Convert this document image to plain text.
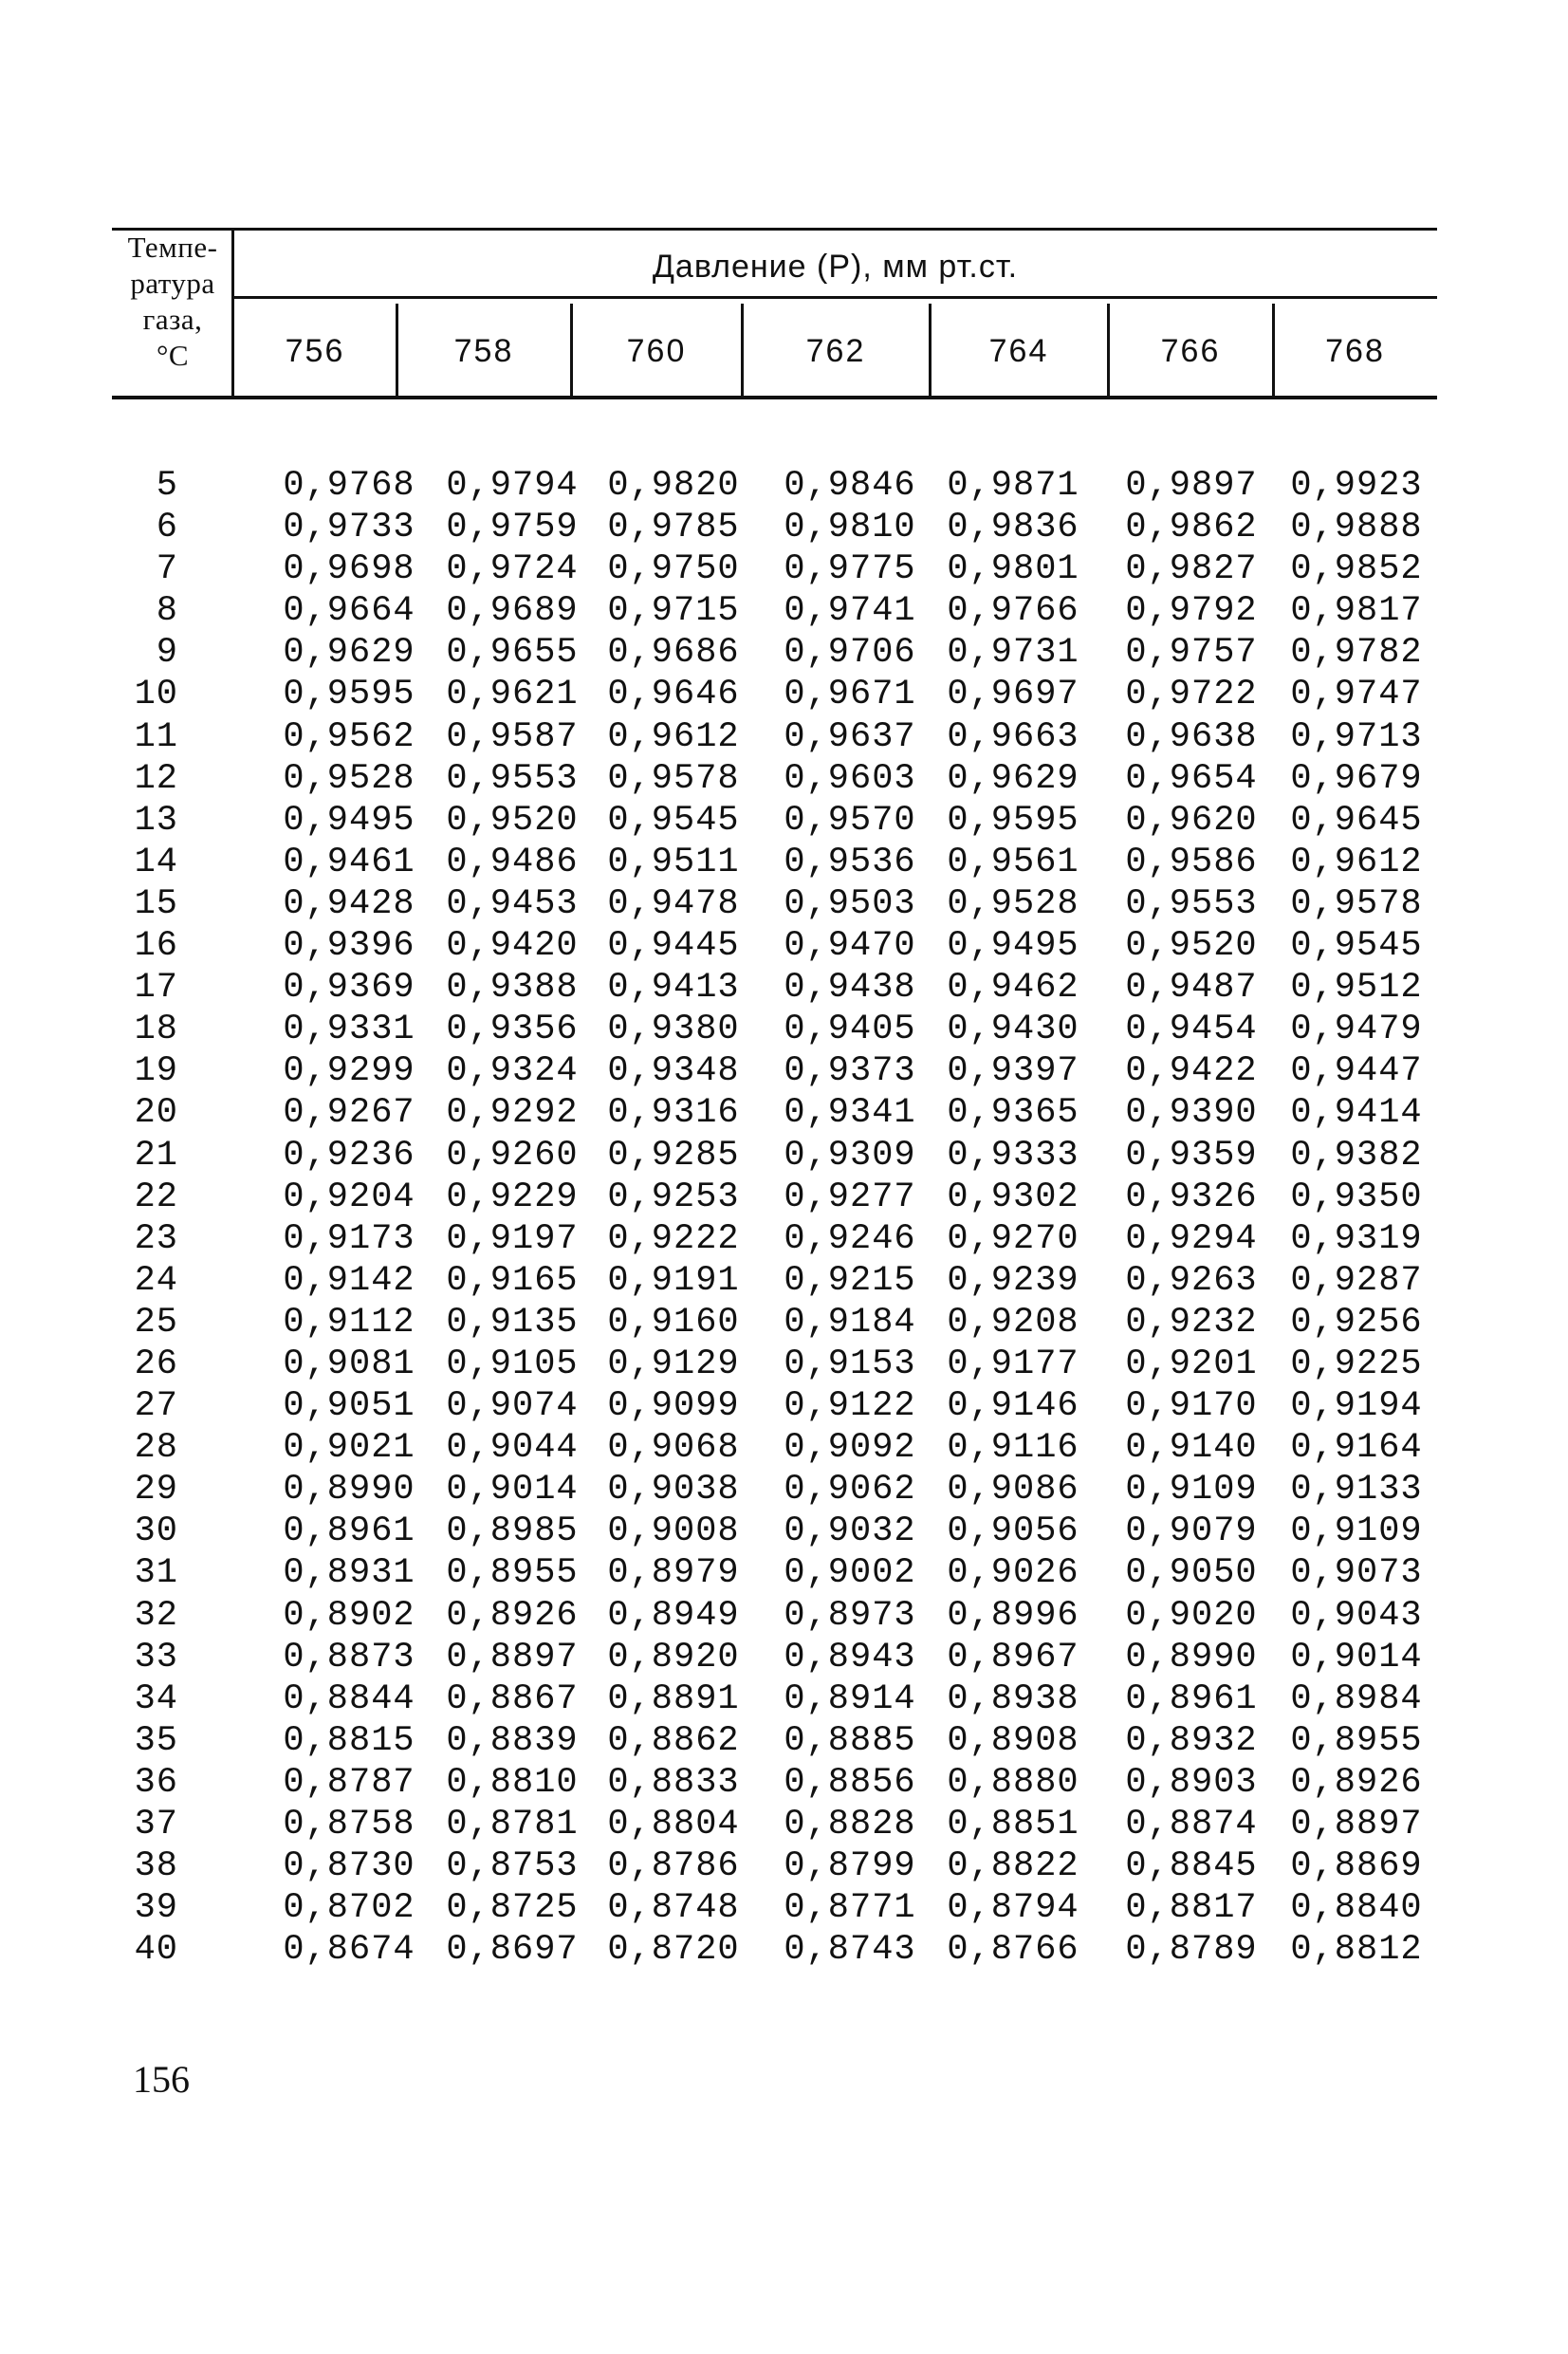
Темпе-
ратура
газа,
°С
Давление (Р), мм рт.ст.
756	758	760	762	764	766	768
5	0,9768 0,9794 0,9820	0,9846 0,9871	0,9897 0,9923
6	0,9733 0,9759 0,9785	0,9810 0,9836	0,9862 0,9888
7	0,9698 0,9724 0,9750	0,9775 0,9801	0,9827 0,9852
8	0,9664 0,9689 0,9715	0,9741 0,9766	0,9792 0,9817
9	0,9629 0,9655 0,9686	0,9706 0,9731	0,9757 0,9782
10	0,9595 0,9621 0,9646	0,9671 0,9697	0,9722 0,9747
11	0,9562 0,9587 0,9612	0,9637 0,9663	0,9638 0,9713
12	0,9528 0,9553 0,9578	0,9603 0,9629	0,9654 0,9679
13	0,9495 0,9520 0,9545	0,9570 0,9595	0,9620 0,9645
14	0,9461 0,9486 0,9511	0,9536 0,9561	0,9586 0,9612
15	0,9428 0,9453 0,9478	0,9503 0,9528	0,9553 0,9578
16	0,9396 0,9420 0,9445	0,9470 0,9495	0,9520 0,9545
17	0,9369 0,9388 0,9413	0,9438 0,9462	0,9487 0,9512
18	0,9331 0,9356 0,9380	0,9405 0,9430	0,9454 0,9479
19	0,9299 0,9324 0,9348	0,9373 0,9397	0,9422 0,9447
20	0,9267 0,9292 0,9316	0,9341 0,9365	0,9390 0,9414
21	0,9236 0,9260 0,9285	0,9309 0,9333	0,9359 0,9382
22	0,9204 0,9229 0,9253	0,9277 0,9302	0,9326 0,9350
23	0,9173 0,9197 0,9222	0,9246 0,9270	0,9294 0,9319
24	0,9142 0,9165 0,9191	0,9215 0,9239	0,9263 0,9287
25	0,9112 0,9135 0,9160	0,9184 0,9208	0,9232 0,9256
26	0,9081 0,9105 0,9129	0,9153 0,9177	0,9201 0,9225
27	0,9051 0,9074 0,9099	0,9122 0,9146	0,9170 0,9194
28	0,9021 0,9044 0,9068	0,9092 0,9116	0,9140 0,9164
29	0,8990 0,9014 0,9038	0,9062 0,9086	0,9109 0,9133
30	0,8961 0,8985 0,9008	0,9032 0,9056	0,9079 0,9109
31	0,8931 0,8955 0,8979	0,9002 0,9026	0,9050 0,9073
32	0,8902 0,8926 0,8949	0,8973 0,8996	0,9020 0,9043
33	0,8873 0,8897 0,8920	0,8943 0,8967	0,8990 0,9014
34	0,8844 0,8867 0,8891	0,8914 0,8938	0,8961 0,8984
35	0,8815 0,8839 0,8862	0,8885 0,8908	0,8932 0,8955
36	0,8787 0,8810 0,8833	0,8856 0,8880	0,8903 0,8926
37	0,8758 0,8781 0,8804	0,8828 0,8851	0,8874 0,8897
38	0,8730 0,8753 0,8786	0,8799 0,8822	0,8845 0,8869
39	0,8702 0,8725 0,8748	0,8771 0,8794	0,8817 0,8840
40	0,8674 0,8697 0,8720	0,8743 0,8766	0,8789 0,8812
156
